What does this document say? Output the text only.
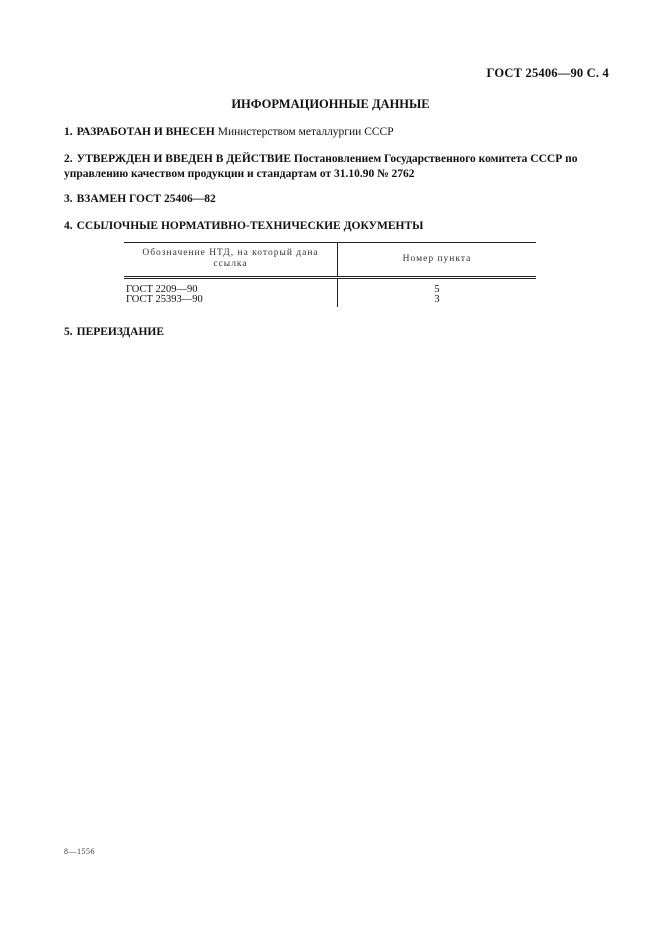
ГОСТ 25406—90 С. 4
ИНФОРМАЦИОННЫЕ ДАННЫЕ
1. РАЗРАБОТАН И ВНЕСЕН Министерством металлургии СССР
2. УТВЕРЖДЕН И ВВЕДЕН В ДЕЙСТВИЕ Постановлением Государственного комитета СССР по управлению качеством продукции и стандартам от 31.10.90 № 2762
3. ВЗАМЕН ГОСТ 25406—82
4. ССЫЛОЧНЫЕ НОРМАТИВНО-ТЕХНИЧЕСКИЕ ДОКУМЕНТЫ
Обозначение НТД, на который дана ссылка	Номер пункта
ГОСТ 2209—90	5
ГОСТ 25393—90	3
5. ПЕРЕИЗДАНИЕ
8—1556
